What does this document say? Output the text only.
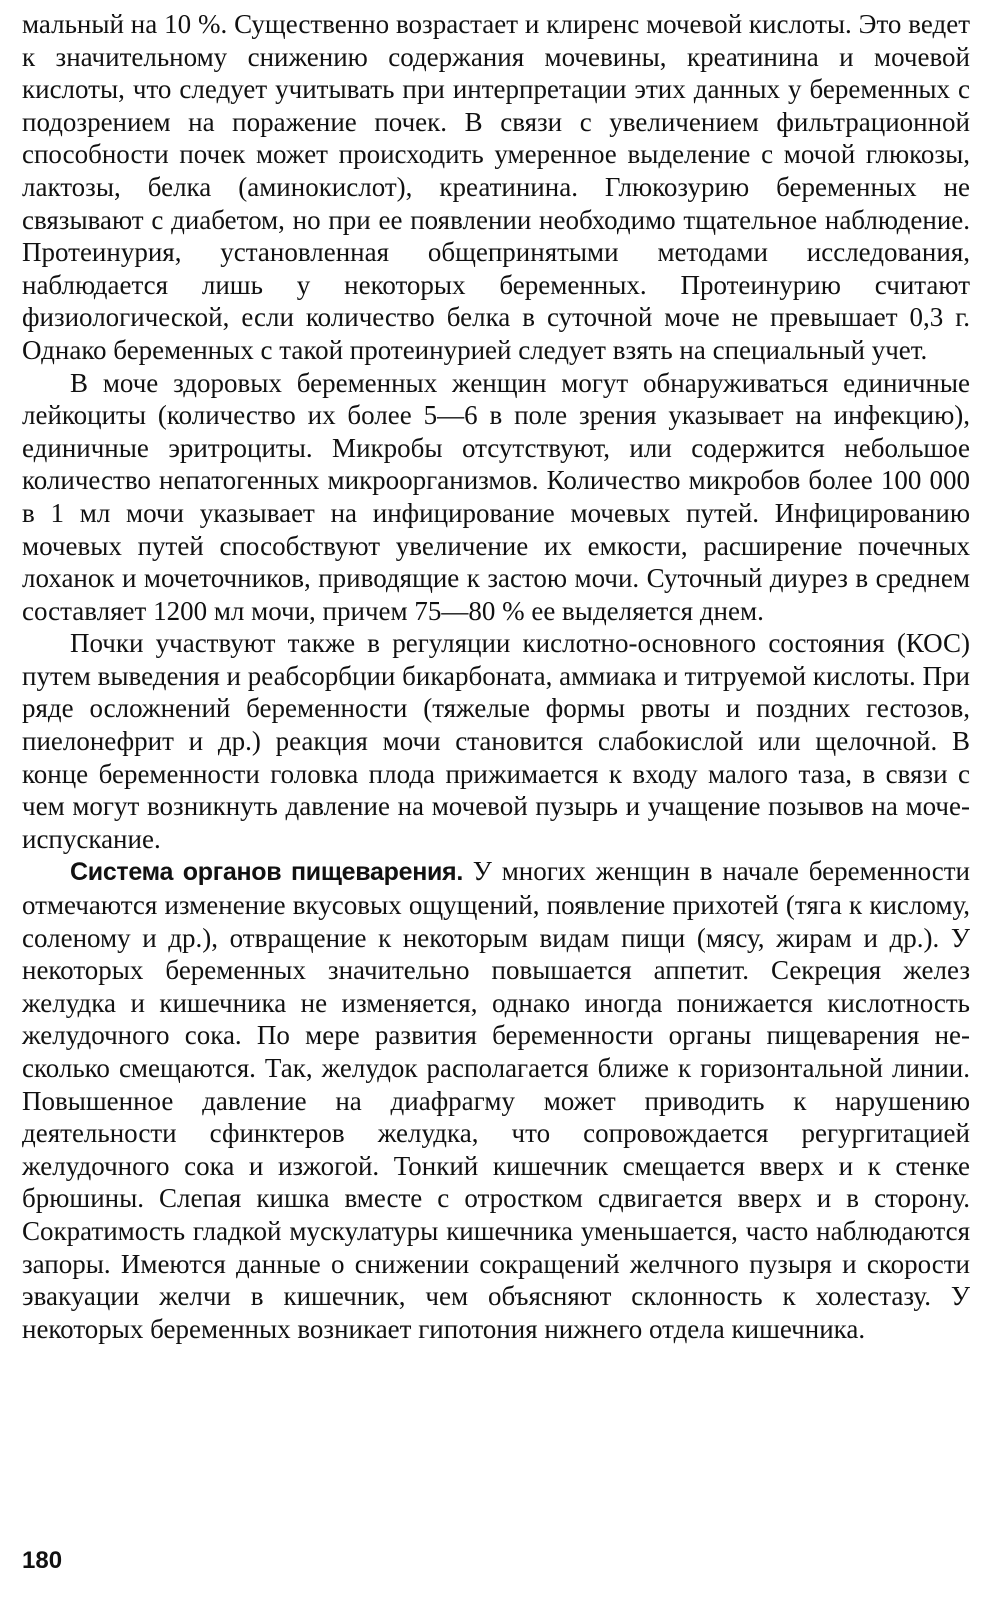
мальный на 10 %. Существенно возрастает и клиренс мочевой кислоты. Это ведет к значительному снижению содержания мочевины, креатинина и мочевой кислоты, что следует учитывать при интерпретации этих данных у беременных с подозрением на поражение почек. В связи с увеличением фильтрационной способности почек может происходить умеренное выделение с мочой глюкозы, лактозы, белка (аминокислот), креатинина. Глюкозурию беременных не связывают с диабетом, но при ее появлении необходимо тщательное наблюдение. Протеинурия, установленная общепринятыми методами исследования, наблюдается лишь у некоторых беременных. Протеинурию считают физиологической, если количество белка в суточной моче не превышает 0,3 г. Однако беременных с такой протеинурией следует взять на специальный учет.

В моче здоровых беременных женщин могут обнаруживаться единичные лейкоциты (количество их более 5—6 в поле зрения указывает на инфекцию), единичные эритроциты. Микробы отсутствуют, или содержится небольшое количество непатогенных микроорганизмов. Количество микробов более 100 000 в 1 мл мочи указывает на инфицирование мочевых путей. Инфицированию мочевых путей способствуют увеличение их емкости, расширение почечных лоханок и мочеточников, приводящие к застою мочи. Суточный диурез в среднем составляет 1200 мл мочи, причем 75—80 % ее выделяется днем.

Почки участвуют также в регуляции кислотно-основного состояния (КОС) путем выведения и реабсорбции бикарбоната, аммиака и титруемой кислоты. При ряде осложнений беременности (тяжелые формы рвоты и поздних гестозов, пиелонефрит и др.) реакция мочи становится слабокислой или щелочной. В конце беременности головка плода прижимается к входу малого таза, в связи с чем могут возникнуть давление на мочевой пузырь и учащение позывов на мочеиспускание.

Система органов пищеварения. У многих женщин в начале беременности отмечаются изменение вкусовых ощущений, появление прихотей (тяга к кислому, соленому и др.), отвращение к некоторым видам пищи (мясу, жирам и др.). У некоторых беременных значительно повышается аппетит. Секреция желез желудка и кишечника не изменяется, однако иногда понижается кислотность желудочного сока. По мере развития беременности органы пищеварения несколько смещаются. Так, желудок располагается ближе к горизонтальной линии. Повышенное давление на диафрагму может приводить к нарушению деятельности сфинктеров желудка, что сопровождается регургитацией желудочного сока и изжогой. Тонкий кишечник смещается вверх и к стенке брюшины. Слепая кишка вместе с отростком сдвигается вверх и в сторону. Сократимость гладкой мускулатуры кишечника уменьшается, часто наблюдаются запоры. Имеются данные о снижении сокращений желчного пузыря и скорости эвакуации желчи в кишечник, чем объясняют склонность к холестазу. У некоторых беременных возникает гипотония нижнего отдела кишечника.

180
